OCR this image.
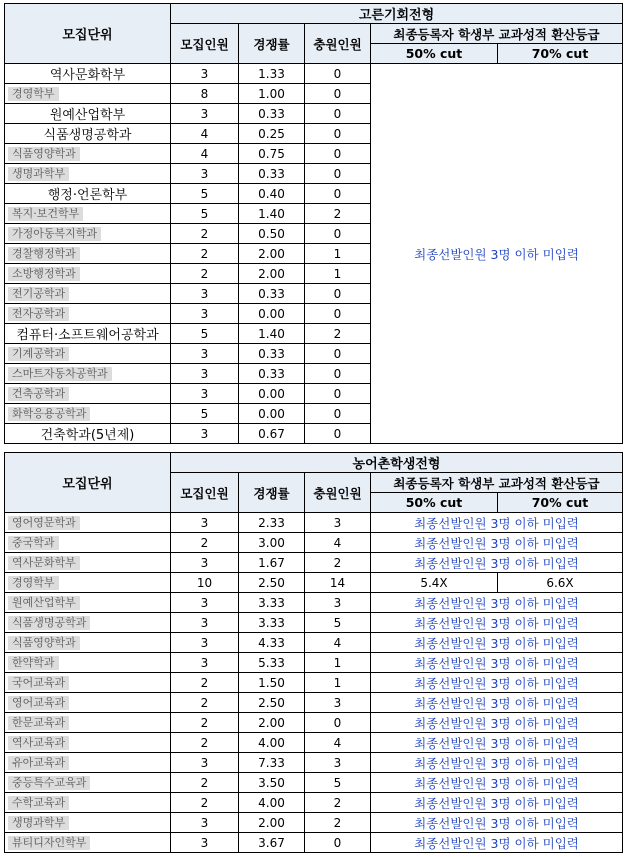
모집단위	고른기회전형				
	모집인원	경쟁률	충원인원	최종등록자 학생부 교과성적 환산등급	
				50% cut	70% cut
역사문화학부	3	1.33	0	최종선발인원 3명 이하 미입력	
경영학부	8	1.00	0		
원예산업학부	3	0.33	0		
식품생명공학과	4	0.25	0		
식품영양학과	4	0.75	0		
생명과학부	3	0.33	0		
행정·언론학부	5	0.40	0		
복지·보건학부	5	1.40	2		
가정아동복지학과	2	0.50	0		
경찰행정학과	2	2.00	1		
소방행정학과	2	2.00	1		
전기공학과	3	0.33	0		
전자공학과	3	0.00	0		
컴퓨터·소프트웨어공학과	5	1.40	2		
기계공학과	3	0.33	0		
스마트자동차공학과	3	0.33	0		
건축공학과	3	0.00	0		
화학응용공학과	5	0.00	0		
건축학과(5년제)	3	0.67	0		
모집단위	농어촌학생전형				
	모집인원	경쟁률	충원인원	최종등록자 학생부 교과성적 환산등급	
				50% cut	70% cut
영어영문학과	3	2.33	3	최종선발인원 3명 이하 미입력	
중국학과	2	3.00	4	최종선발인원 3명 이하 미입력	
역사문화학부	3	1.67	2	최종선발인원 3명 이하 미입력	
경영학부	10	2.50	14	5.4X	6.6X
원예산업학부	3	3.33	3	최종선발인원 3명 이하 미입력	
식품생명공학과	3	3.33	5	최종선발인원 3명 이하 미입력	
식품영양학과	3	4.33	4	최종선발인원 3명 이하 미입력	
한약학과	3	5.33	1	최종선발인원 3명 이하 미입력	
국어교육과	2	1.50	1	최종선발인원 3명 이하 미입력	
영어교육과	2	2.50	3	최종선발인원 3명 이하 미입력	
한문교육과	2	2.00	0	최종선발인원 3명 이하 미입력	
역사교육과	2	4.00	4	최종선발인원 3명 이하 미입력	
유아교육과	3	7.33	3	최종선발인원 3명 이하 미입력	
중등특수교육과	2	3.50	5	최종선발인원 3명 이하 미입력	
수학교육과	2	4.00	2	최종선발인원 3명 이하 미입력	
생명과학부	3	2.00	2	최종선발인원 3명 이하 미입력	
뷰티디자인학부	3	3.67	0	최종선발인원 3명 이하 미입력	
